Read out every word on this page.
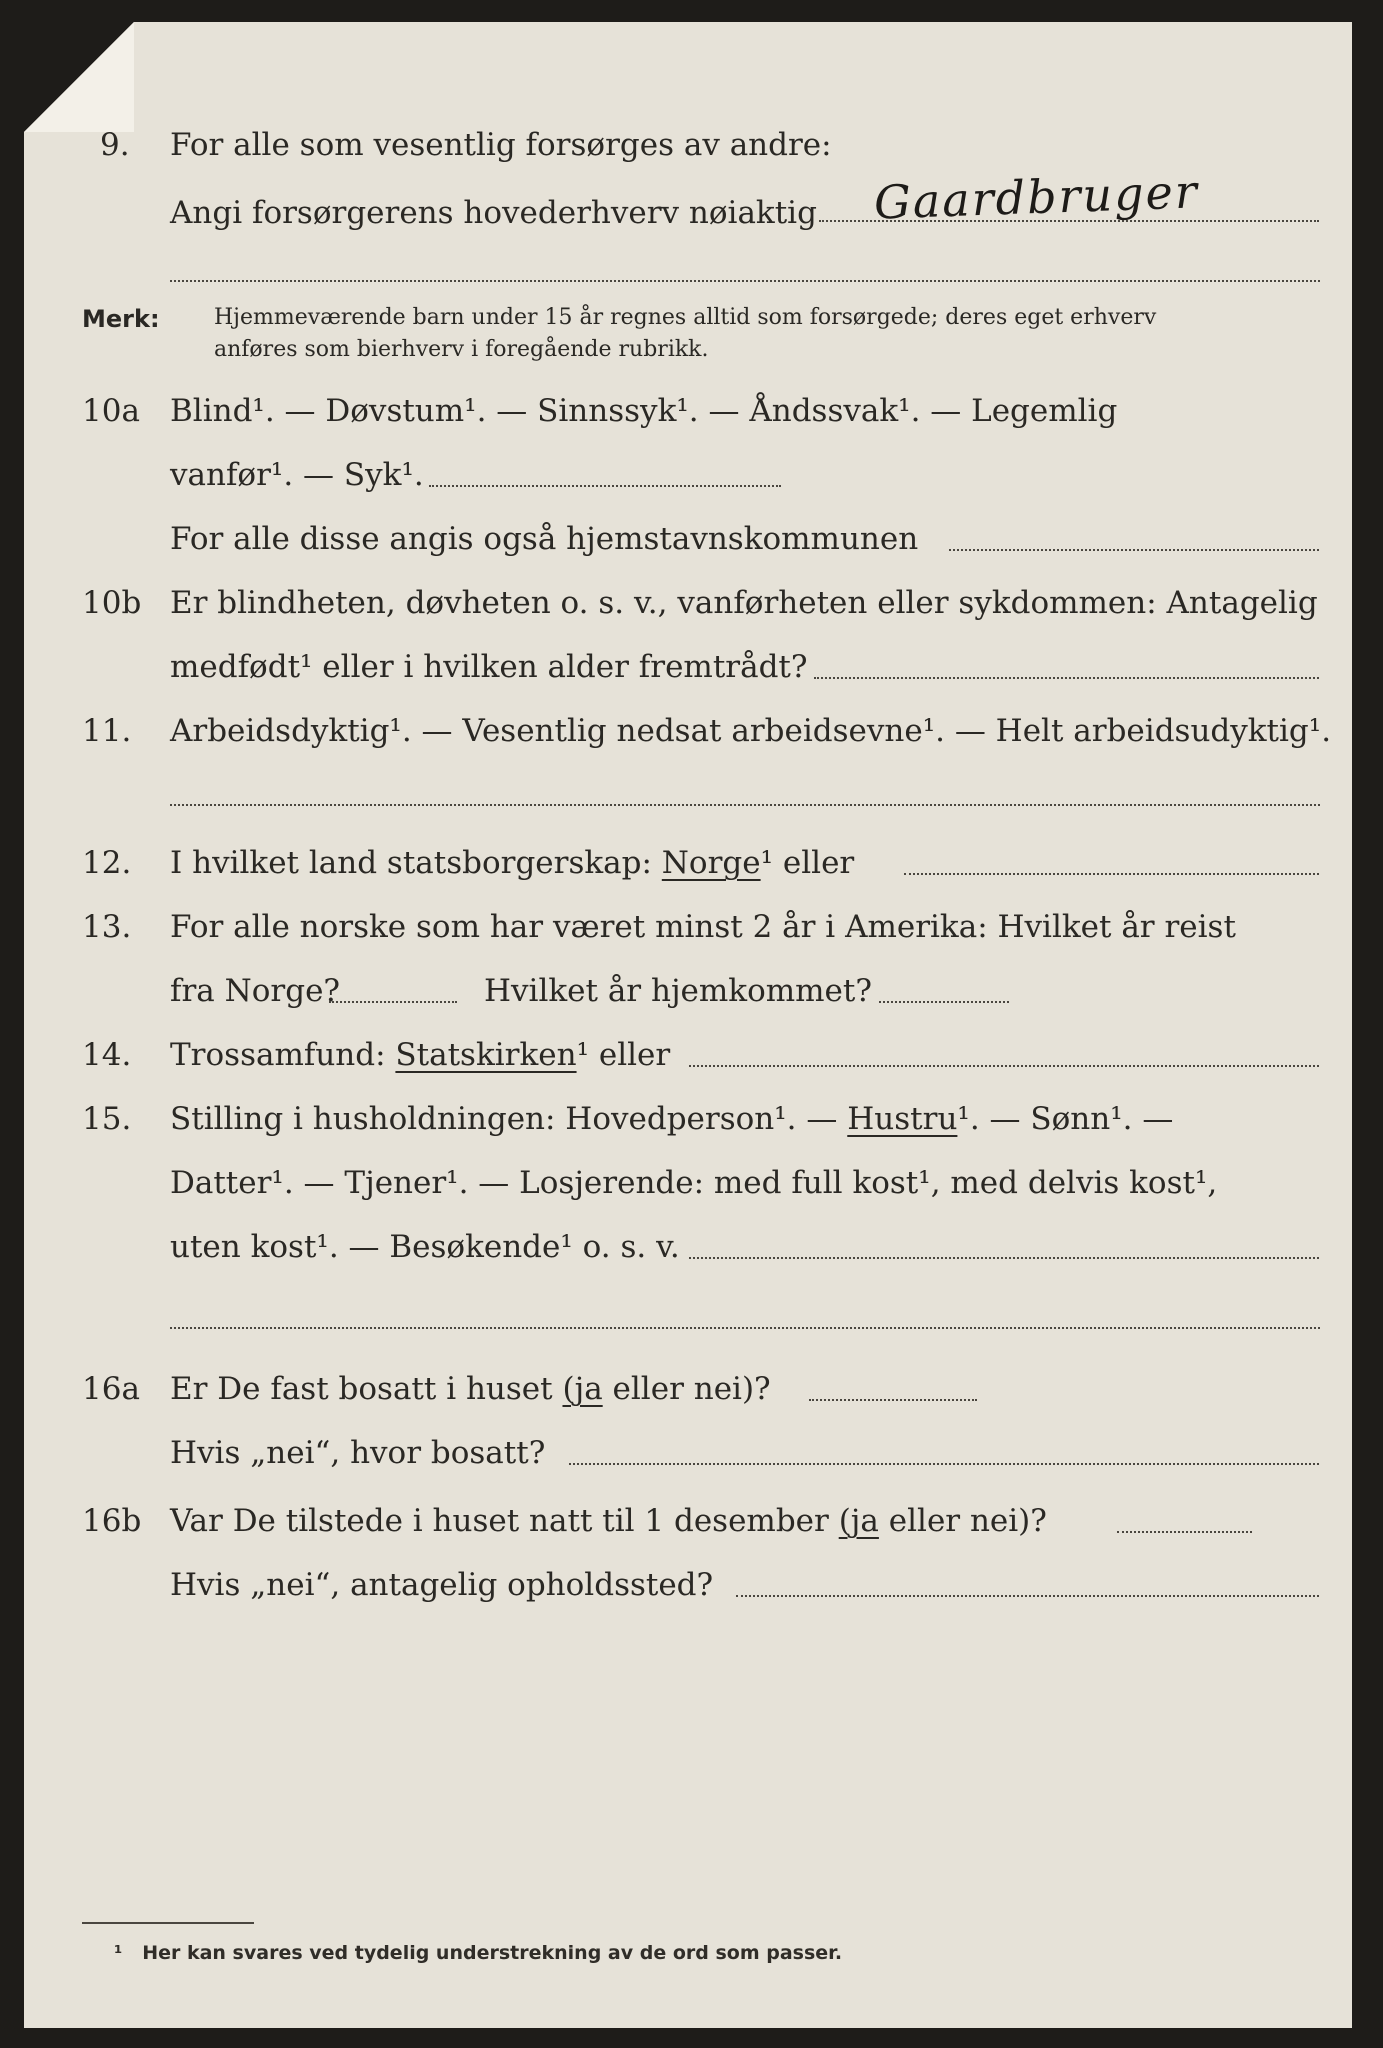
9. For alle som vesentlig forsørges av andre:
Angi forsørgerens hovederhverv nøiaktig Gaardbruger
Merk: Hjemmeværende barn under 15 år regnes alltid som forsørgede; deres eget erhverv
anføres som bierhverv i foregående rubrikk.
10a Blind¹. — Døvstum¹. — Sinnssyk¹. — Åndssvak¹. — Legemlig
vanfør¹. — Syk¹.
For alle disse angis også hjemstavnskommunen
10b Er blindheten, døvheten o. s. v., vanførheten eller sykdommen: Antagelig
medfødt¹ eller i hvilken alder fremtrådt?
11. Arbeidsdyktig¹. — Vesentlig nedsat arbeidsevne¹. — Helt arbeidsudyktig¹.
12. I hvilket land statsborgerskap: Norge¹ eller
13. For alle norske som har været minst 2 år i Amerika: Hvilket år reist
fra Norge?	Hvilket år hjemkommet?
14. Trossamfund: Statskirken¹ eller
15. Stilling i husholdningen: Hovedperson¹. — Hustru¹. — Sønn¹. —
Datter¹. — Tjener¹. — Losjerende: med full kost¹, med delvis kost¹,
uten kost¹. — Besøkende¹ o. s. v.
16a Er De fast bosatt i huset (ja eller nei)?
Hvis „nei“, hvor bosatt?
16b Var De tilstede i huset natt til 1 desember (ja eller nei)?
Hvis „nei“, antagelig opholdssted?
¹ Her kan svares ved tydelig understrekning av de ord som passer.
